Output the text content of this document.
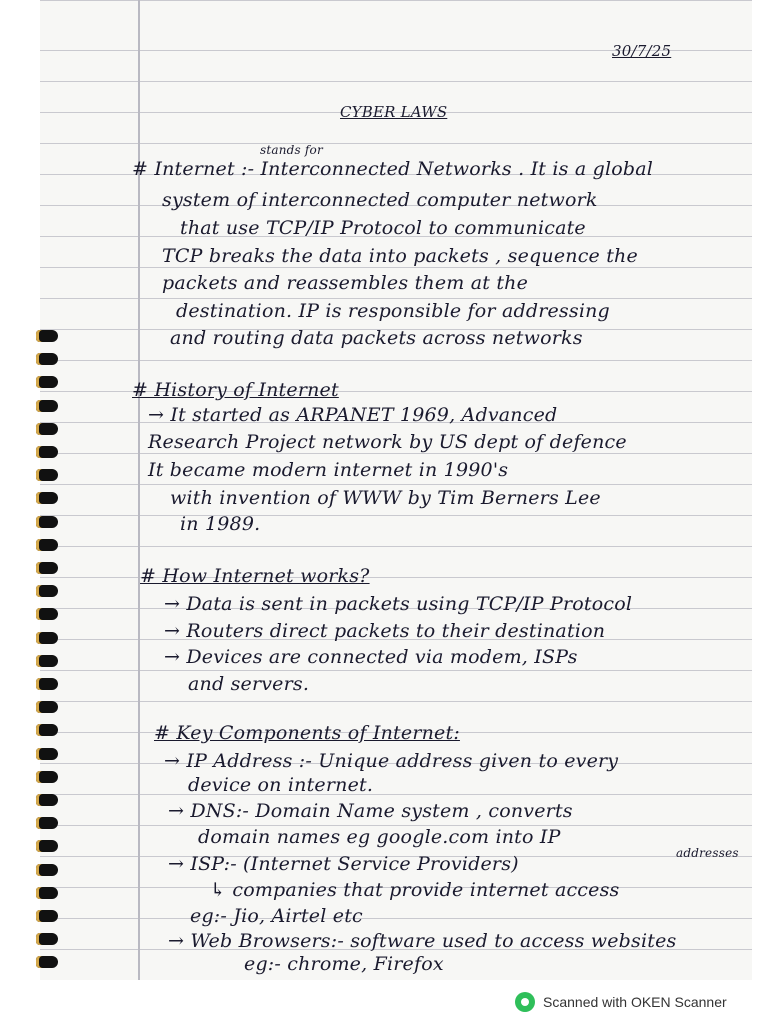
30/7/25
CYBER LAWS
stands for
# Internet :- Interconnected Networks . It is a global
system of interconnected computer network
that use TCP/IP Protocol to communicate
TCP breaks the data into packets , sequence the
packets and reassembles them at the
destination. IP is responsible for addressing
and routing data packets across networks
# History of Internet
→ It started as ARPANET 1969, Advanced
Research Project network by US dept of defence
It became modern internet in 1990's
with invention of WWW by Tim Berners Lee
in 1989.
# How Internet works?
→ Data is sent in packets using TCP/IP Protocol
→ Routers direct packets to their destination
→ Devices are connected via modem, ISPs
and servers.
# Key Components of Internet:
→ IP Address :- Unique address given to every
device on internet.
→ DNS:- Domain Name system , converts
domain names eg google.com into IP
addresses
→ ISP:- (Internet Service Providers)
↳ companies that provide internet access
eg:- Jio, Airtel etc
→ Web Browsers:- software used to access websites
eg:- chrome, Firefox
Scanned with OKEN Scanner
